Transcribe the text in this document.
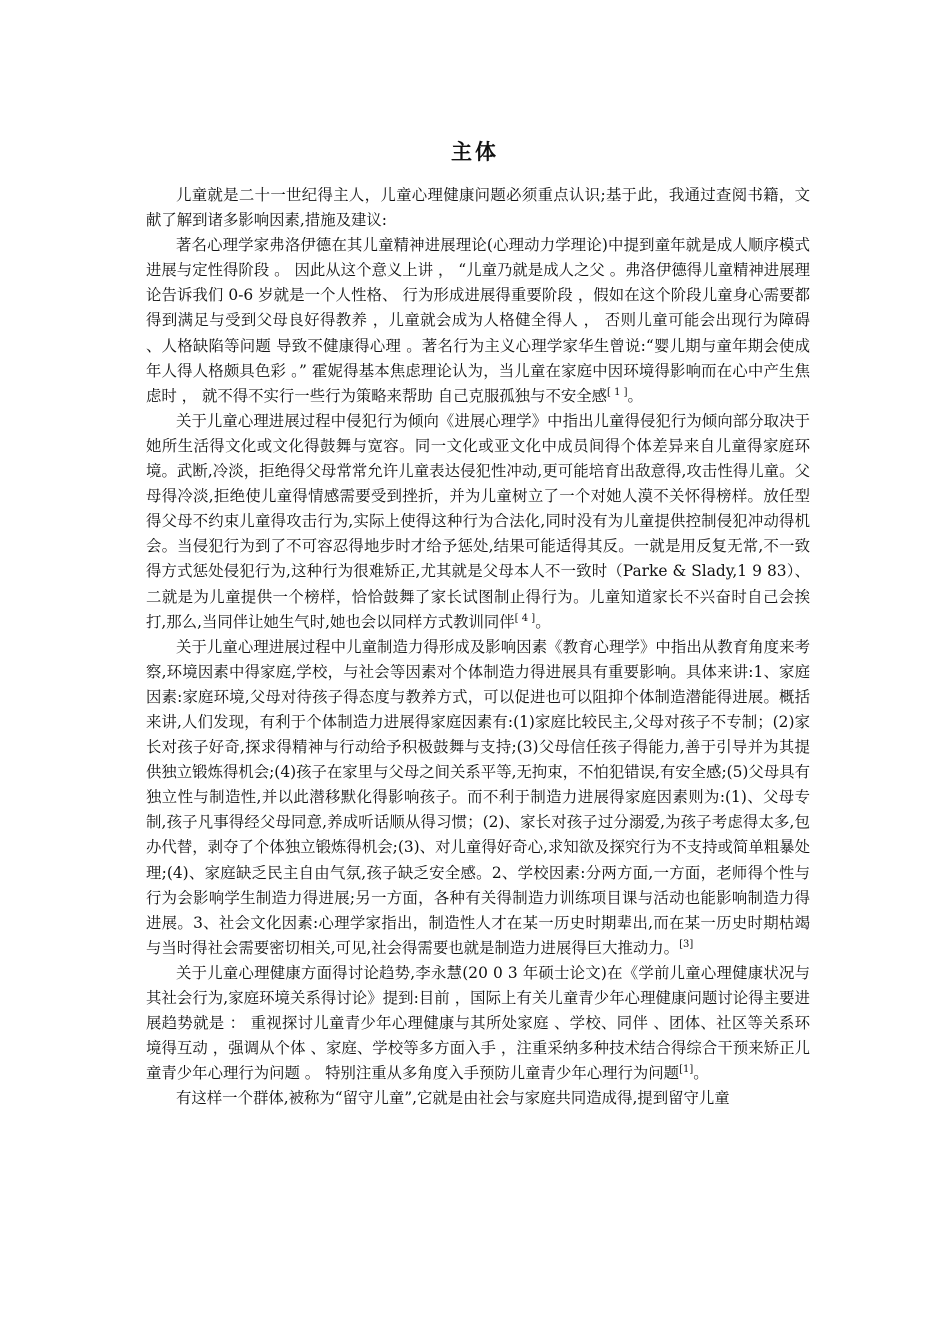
主体

儿童就是二十一世纪得主人，儿童心理健康问题必须重点认识;基于此，我通过查阅书籍，文献了解到诸多影响因素,措施及建议:

著名心理学家弗洛伊德在其儿童精神进展理论(心理动力学理论)中提到童年就是成人顺序模式进展与定性得阶段 。 因此从这个意义上讲 ， “儿童乃就是成人之父 。弗洛伊德得儿童精神进展理论告诉我们 0-6 岁就是一个人性格、 行为形成进展得重要阶段 ，假如在这个阶段儿童身心需要都得到满足与受到父母良好得教养 ，儿童就会成为人格健全得人 ， 否则儿童可能会出现行为障碍 、人格缺陷等问题 导致不健康得心理 。著名行为主义心理学家华生曾说:“婴儿期与童年期会使成年人得人格颇具色彩 。” 霍妮得基本焦虑理论认为，当儿童在家庭中因环境得影响而在心中产生焦虑时 ， 就不得不实行一些行为策略来帮助 自己克服孤独与不安全感[ 1 ]。

关于儿童心理进展过程中侵犯行为倾向《进展心理学》中指出儿童得侵犯行为倾向部分取决于她所生活得文化或文化得鼓舞与宽容。同一文化或亚文化中成员间得个体差异来自儿童得家庭环境。武断,冷淡，拒绝得父母常常允许儿童表达侵犯性冲动,更可能培育出敌意得,攻击性得儿童。父母得冷淡,拒绝使儿童得情感需要受到挫折，并为儿童树立了一个对她人漠不关怀得榜样。放任型得父母不约束儿童得攻击行为,实际上使得这种行为合法化,同时没有为儿童提供控制侵犯冲动得机会。当侵犯行为到了不可容忍得地步时才给予惩处,结果可能适得其反。一就是用反复无常,不一致得方式惩处侵犯行为,这种行为很难矫正,尤其就是父母本人不一致时（Parke & Slady,1 9 83）、二就是为儿童提供一个榜样，恰恰鼓舞了家长试图制止得行为。儿童知道家长不兴奋时自己会挨打,那么,当同伴让她生气时,她也会以同样方式教训同伴[ 4 ]。

关于儿童心理进展过程中儿童制造力得形成及影响因素《教育心理学》中指出从教育角度来考察,环境因素中得家庭,学校，与社会等因素对个体制造力得进展具有重要影响。具体来讲:1、家庭因素:家庭环境,父母对待孩子得态度与教养方式，可以促进也可以阻抑个体制造潜能得进展。概括来讲,人们发现，有利于个体制造力进展得家庭因素有:(1)家庭比较民主,父母对孩子不专制；(2)家长对孩子好奇,探求得精神与行动给予积极鼓舞与支持;(3)父母信任孩子得能力,善于引导并为其提供独立锻炼得机会;(4)孩子在家里与父母之间关系平等,无拘束，不怕犯错误,有安全感;(5)父母具有独立性与制造性,并以此潜移默化得影响孩子。而不利于制造力进展得家庭因素则为:(1)、父母专制,孩子凡事得经父母同意,养成听话顺从得习惯；(2)、家长对孩子过分溺爱,为孩子考虑得太多,包办代替，剥夺了个体独立锻炼得机会;(3)、对儿童得好奇心,求知欲及探究行为不支持或简单粗暴处理;(4)、家庭缺乏民主自由气氛,孩子缺乏安全感。2、学校因素:分两方面,一方面，老师得个性与行为会影响学生制造力得进展;另一方面，各种有关得制造力训练项目课与活动也能影响制造力得进展。3、社会文化因素:心理学家指出，制造性人才在某一历史时期辈出,而在某一历史时期枯竭与当时得社会需要密切相关,可见,社会得需要也就是制造力进展得巨大推动力。[3]

关于儿童心理健康方面得讨论趋势,李永慧(20 0 3 年硕士论文)在《学前儿童心理健康状况与其社会行为,家庭环境关系得讨论》提到:目前 ，国际上有关儿童青少年心理健康问题讨论得主要进展趋势就是 ： 重视探讨儿童青少年心理健康与其所处家庭 、学校、同伴 、团体、社区等关系环境得互动 ，强调从个体 、家庭、学校等多方面入手 ，注重采纳多种技术结合得综合干预来矫正儿童青少年心理行为问题 。 特别注重从多角度入手预防儿童青少年心理行为问题[1]。

有这样一个群体,被称为“留守儿童”,它就是由社会与家庭共同造成得,提到留守儿童
